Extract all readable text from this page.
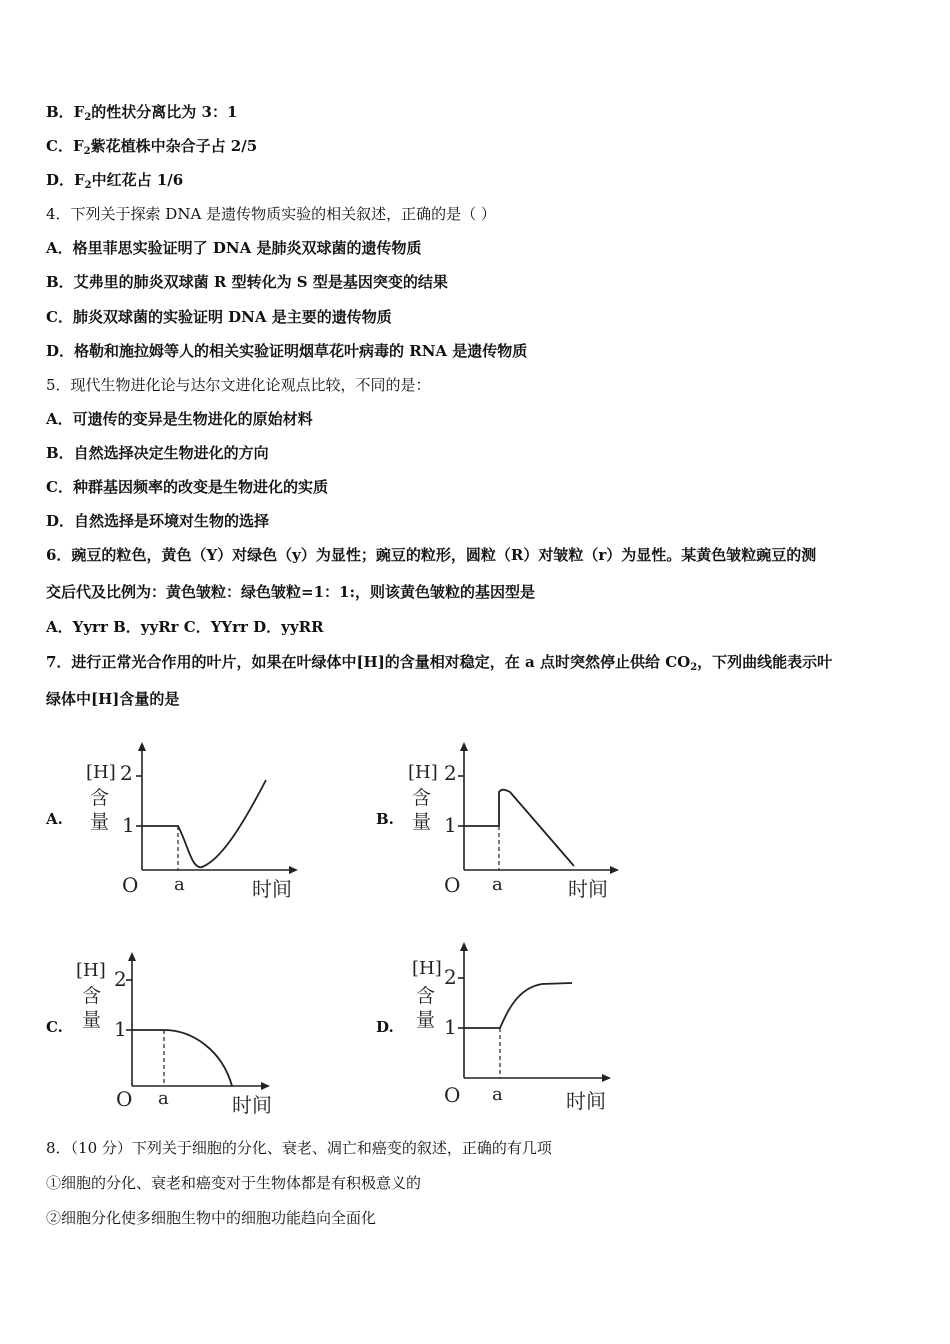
B．$F_2$的性状分离比为 3：1
C．$F_2$紫花植株中杂合子占 2/5
D．$F_2$中红花占 1/6
4．下列关于探索 DNA 是遗传物质实验的相关叙述，正确的是（ ）
A．格里菲思实验证明了 DNA 是肺炎双球菌的遗传物质
B．艾弗里的肺炎双球菌 R 型转化为 S 型是基因突变的结果
C．肺炎双球菌的实验证明 DNA 是主要的遗传物质
D．格勒和施拉姆等人的相关实验证明烟草花叶病毒的 RNA 是遗传物质
5．现代生物进化论与达尔文进化论观点比较，不同的是：
A．可遗传的变异是生物进化的原始材料
B．自然选择决定生物进化的方向
C．种群基因频率的改变是生物进化的实质
D．自然选择是环境对生物的选择
6．豌豆的粒色，黄色（Y）对绿色（y）为显性；豌豆的粒形，圆粒（R）对皱粒（r）为显性。某黄色皱粒豌豆的测
交后代及比例为：黄色皱粒：绿色皱粒=1：1:，则该黄色皱粒的基因型是
A．Yyrr B．yyRr C．YYrr D．yyRR
7．进行正常光合作用的叶片，如果在叶绿体中[H]的含量相对稳定，在 a 点时突然停止供给 $CO_2$，下列曲线能表示叶
绿体中[H]含量的是
A.	B.
C.	D.
[H] 2
含
量 1
O a	时间
[H] 2
含
量 1
O a	时间
[H] 2
含
量 1
O a	时间
[H] 2
含
量 1
O a	时间
8．（10 分）下列关于细胞的分化、衰老、凋亡和癌变的叙述，正确的有几项
①细胞的分化、衰老和癌变对于生物体都是有积极意义的
②细胞分化使多细胞生物中的细胞功能趋向全面化
